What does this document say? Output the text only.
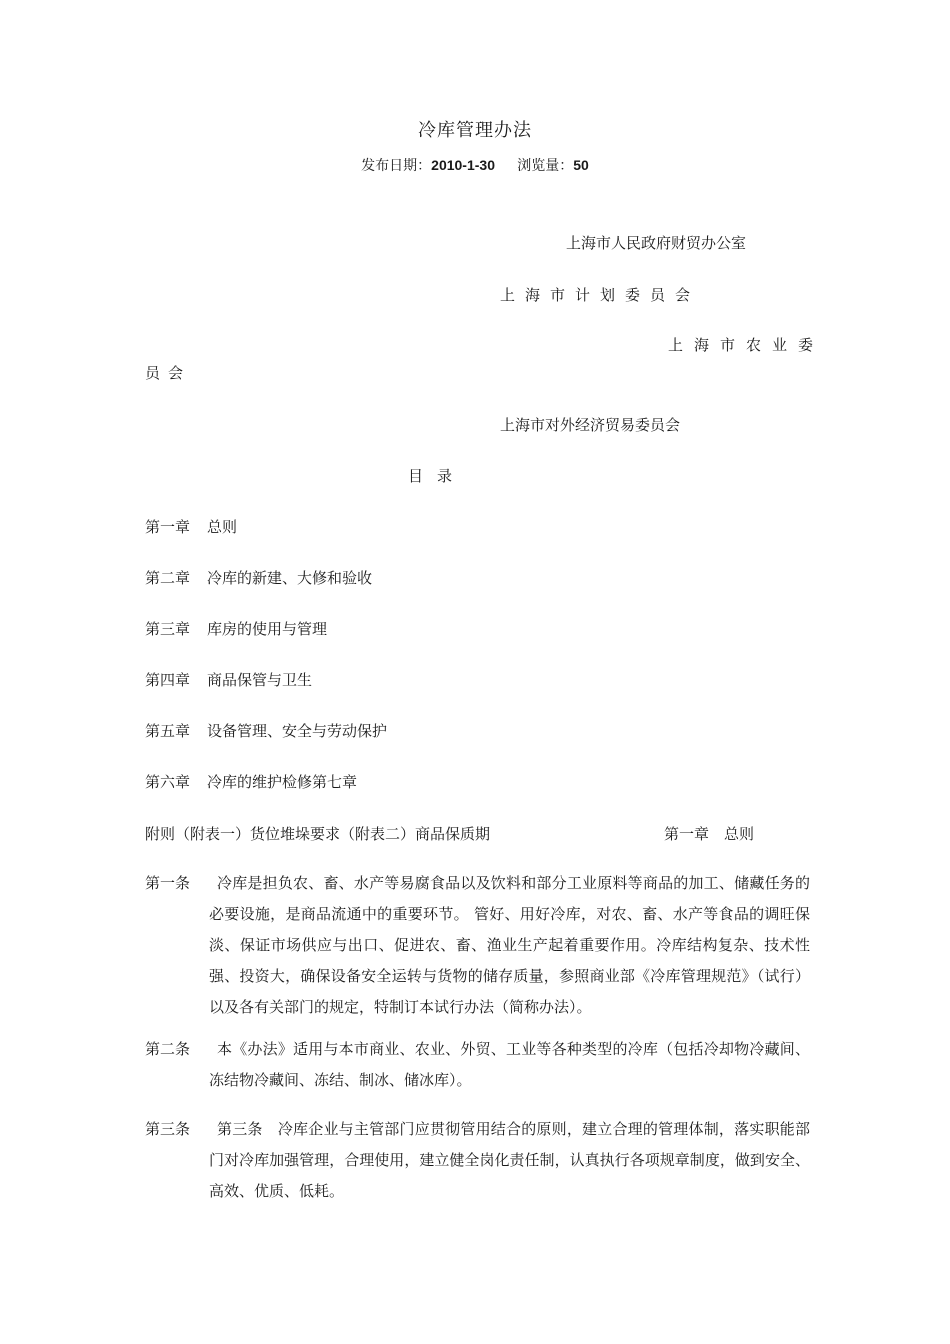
冷库管理办法
发布日期：2010-1-30 浏览量：50
上海市人民政府财贸办公室
上海市计划委员会
上海市农业委
员会
上海市对外经济贸易委员会
目录
第一章 总则
第二章 冷库的新建、大修和验收
第三章 库房的使用与管理
第四章 商品保管与卫生
第五章 设备管理、安全与劳动保护
第六章 冷库的维护检修第七章
附则（附表一）货位堆垛要求（附表二）商品保质期	第一章　总则
第一条	冷库是担负农、畜、水产等易腐食品以及饮料和部分工业原料等商品的加工、储藏任务的必要设施，是商品流通中的重要环节。 管好、用好冷库，对农、畜、水产等食品的调旺保淡、保证市场供应与出口、促进农、畜、渔业生产起着重要作用。冷库结构复杂、技术性强、投资大，确保设备安全运转与货物的储存质量，参照商业部《冷库管理规范》（试行）以及各有关部门的规定，特制订本试行办法（简称办法）。
第二条	本《办法》适用与本市商业、农业、外贸、工业等各种类型的冷库（包括冷却物冷藏间、冻结物冷藏间、冻结、制冰、储冰库）。
第三条	第三条　冷库企业与主管部门应贯彻管用结合的原则，建立合理的管理体制，落实职能部门对冷库加强管理，合理使用，建立健全岗化责任制，认真执行各项规章制度，做到安全、高效、优质、低耗。
